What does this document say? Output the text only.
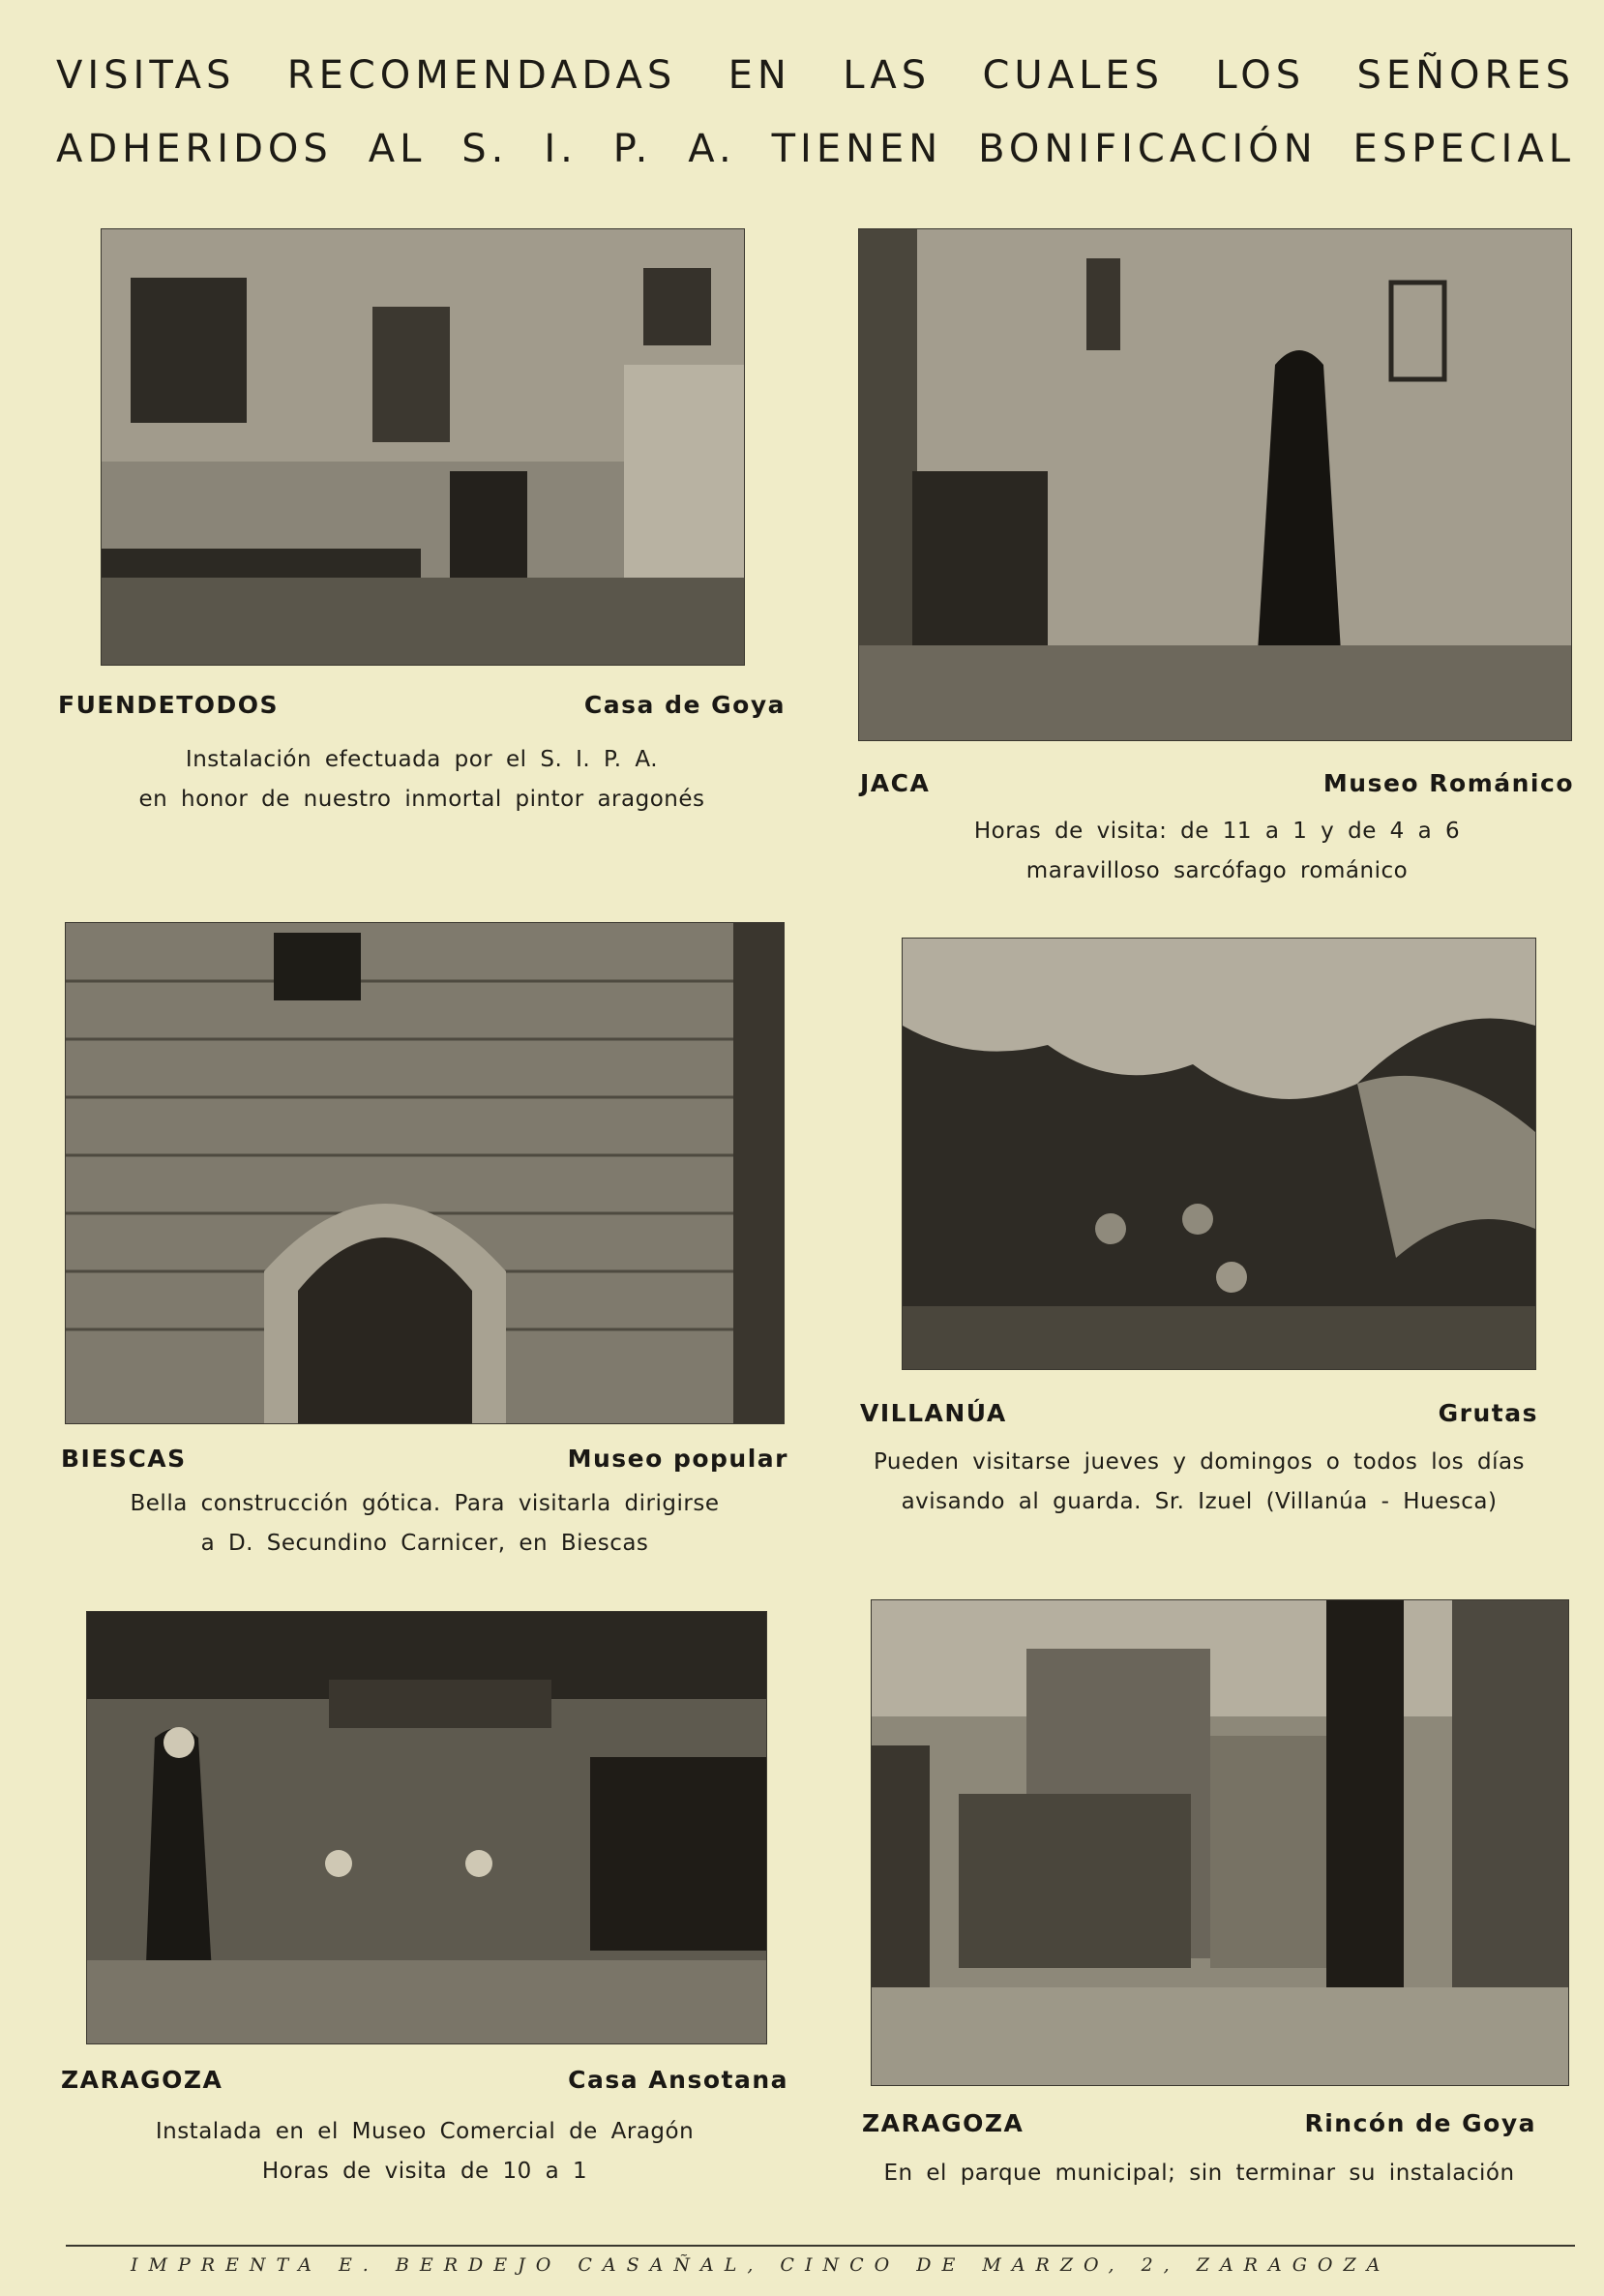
VISITAS RECOMENDADAS EN LAS CUALES LOS SEÑORES
ADHERIDOS AL S. I. P. A. TIENEN BONIFICACIÓN ESPECIAL
FUENDETODOS	Casa de Goya
Instalación efectuada por el S. I. P. A.
en honor de nuestro inmortal pintor aragonés
JACA	Museo Románico
Horas de visita: de 11 a 1 y de 4 a 6
maravilloso sarcófago románico
BIESCAS	Museo popular
Bella construcción gótica. Para visitarla dirigirse
a D. Secundino Carnicer, en Biescas
VILLANÚA	Grutas
Pueden visitarse jueves y domingos o todos los días
avisando al guarda. Sr. Izuel (Villanúa - Huesca)
ZARAGOZA	Casa Ansotana
Instalada en el Museo Comercial de Aragón
Horas de visita de 10 a 1
ZARAGOZA	Rincón de Goya
En el parque municipal; sin terminar su instalación
IMPRENTA E. BERDEJO CASAÑAL, CINCO DE MARZO, 2, ZARAGOZA
